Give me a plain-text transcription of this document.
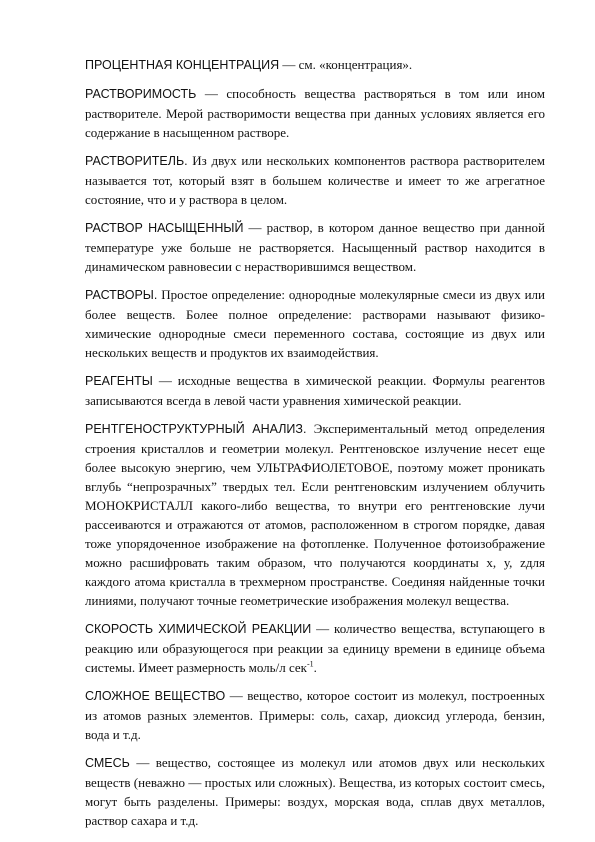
ПРОЦЕНТНАЯ КОНЦЕНТРАЦИЯ — см. «концентрация».

РАСТВОРИМОСТЬ — способность вещества растворяться в том или ином растворителе. Мерой растворимости вещества при данных условиях является его содержание в насыщенном растворе.

РАСТВОРИТЕЛЬ. Из двух или нескольких компонентов раствора растворителем называется тот, который взят в большем количестве и имеет то же агрегатное состояние, что и у раствора в целом.

РАСТВОР НАСЫЩЕННЫЙ — раствор, в котором данное вещество при данной температуре уже больше не растворяется. Насыщенный раствор находится в динамическом равновесии с нерастворившимся веществом.

РАСТВОРЫ. Простое определение: однородные молекулярные смеси из двух или более веществ. Более полное определение: растворами называют физико-химические однородные смеси переменного состава, состоящие из двух или нескольких веществ и продуктов их взаимодействия.

РЕАГЕНТЫ — исходные вещества в химической реакции. Формулы реагентов записываются всегда в левой части уравнения химической реакции.

РЕНТГЕНОСТРУКТУРНЫЙ АНАЛИЗ. Экспериментальный метод определения строения кристаллов и геометрии молекул. Рентгеновское излучение несет еще более высокую энергию, чем УЛЬТРАФИОЛЕТОВОЕ, поэтому может проникать вглубь “непрозрачных” твердых тел. Если рентгеновским излучением облучить МОНОКРИСТАЛЛ какого-либо вещества, то внутри его рентгеновские лучи рассеиваются и отражаются от атомов, расположенном в строгом порядке, давая тоже упорядоченное изображение на фотопленке. Полученное фотоизображение можно расшифровать таким образом, что получаются координаты х, у, zдля каждого атома кристалла в трехмерном пространстве. Соединяя найденные точки линиями, получают точные геометрические изображения молекул вещества.

СКОРОСТЬ ХИМИЧЕСКОЙ РЕАКЦИИ — количество вещества, вступающего в реакцию или образующегося при реакции за единицу времени в единице объема системы. Имеет размерность моль/л сек$^{-1}$.

СЛОЖНОЕ ВЕЩЕСТВО — вещество, которое состоит из молекул, построенных из атомов разных элементов. Примеры: соль, сахар, диоксид углерода, бензин, вода и т.д.

СМЕСЬ — вещество, состоящее из молекул или атомов двух или нескольких веществ (неважно — простых или сложных). Вещества, из которых состоит смесь, могут быть разделены. Примеры: воздух, морская вода, сплав двух металлов, раствор сахара и т.д.
